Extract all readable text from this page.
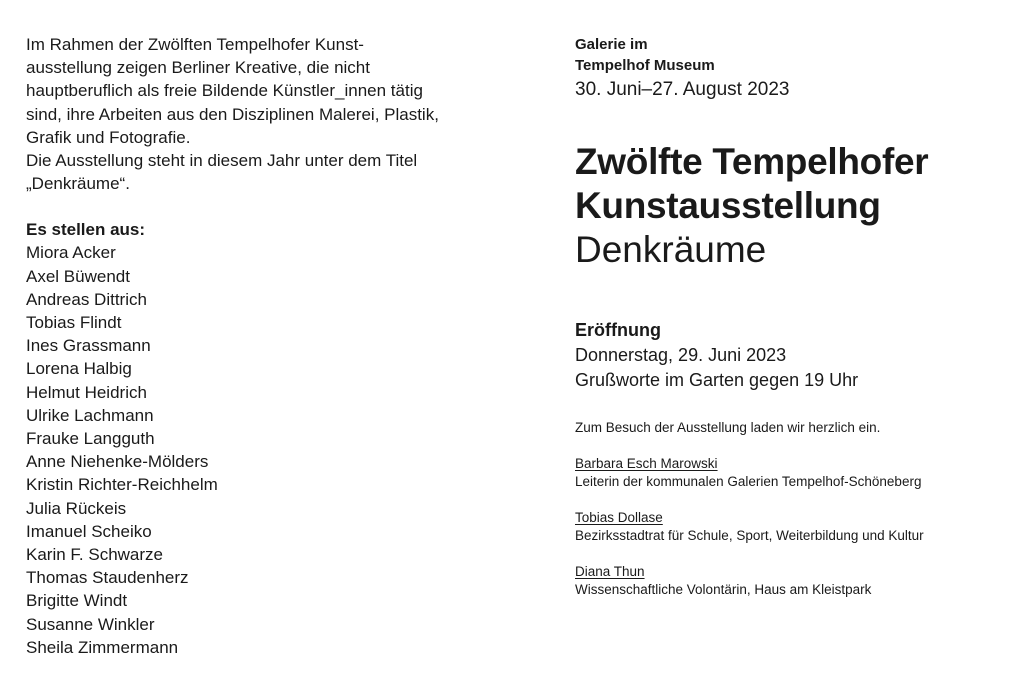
Im Rahmen der Zwölften Tempelhofer Kunst-ausstellung zeigen Berliner Kreative, die nicht hauptberuflich als freie Bildende Künstler_innen tätig sind, ihre Arbeiten aus den Disziplinen Malerei, Plastik, Grafik und Fotografie.

Die Ausstellung steht in diesem Jahr unter dem Titel „Denkräume“.

Es stellen aus:
Miora Acker
Axel Büwendt
Andreas Dittrich
Tobias Flindt
Ines Grassmann
Lorena Halbig
Helmut Heidrich
Ulrike Lachmann
Frauke Langguth
Anne Niehenke-Mölders
Kristin Richter-Reichhelm
Julia Rückeis
Imanuel Scheiko
Karin F. Schwarze
Thomas Staudenherz
Brigitte Windt
Susanne Winkler
Sheila Zimmermann
Galerie im
Tempelhof Museum
30. Juni–27. August 2023
Zwölfte Tempelhofer
Kunstausstellung
Denkräume
Eröffnung
Donnerstag, 29. Juni 2023
Grußworte im Garten gegen 19 Uhr
Zum Besuch der Ausstellung laden wir herzlich ein.
Barbara Esch Marowski
Leiterin der kommunalen Galerien Tempelhof-Schöneberg
Tobias Dollase
Bezirksstadtrat für Schule, Sport, Weiterbildung und Kultur
Diana Thun
Wissenschaftliche Volontärin, Haus am Kleistpark
